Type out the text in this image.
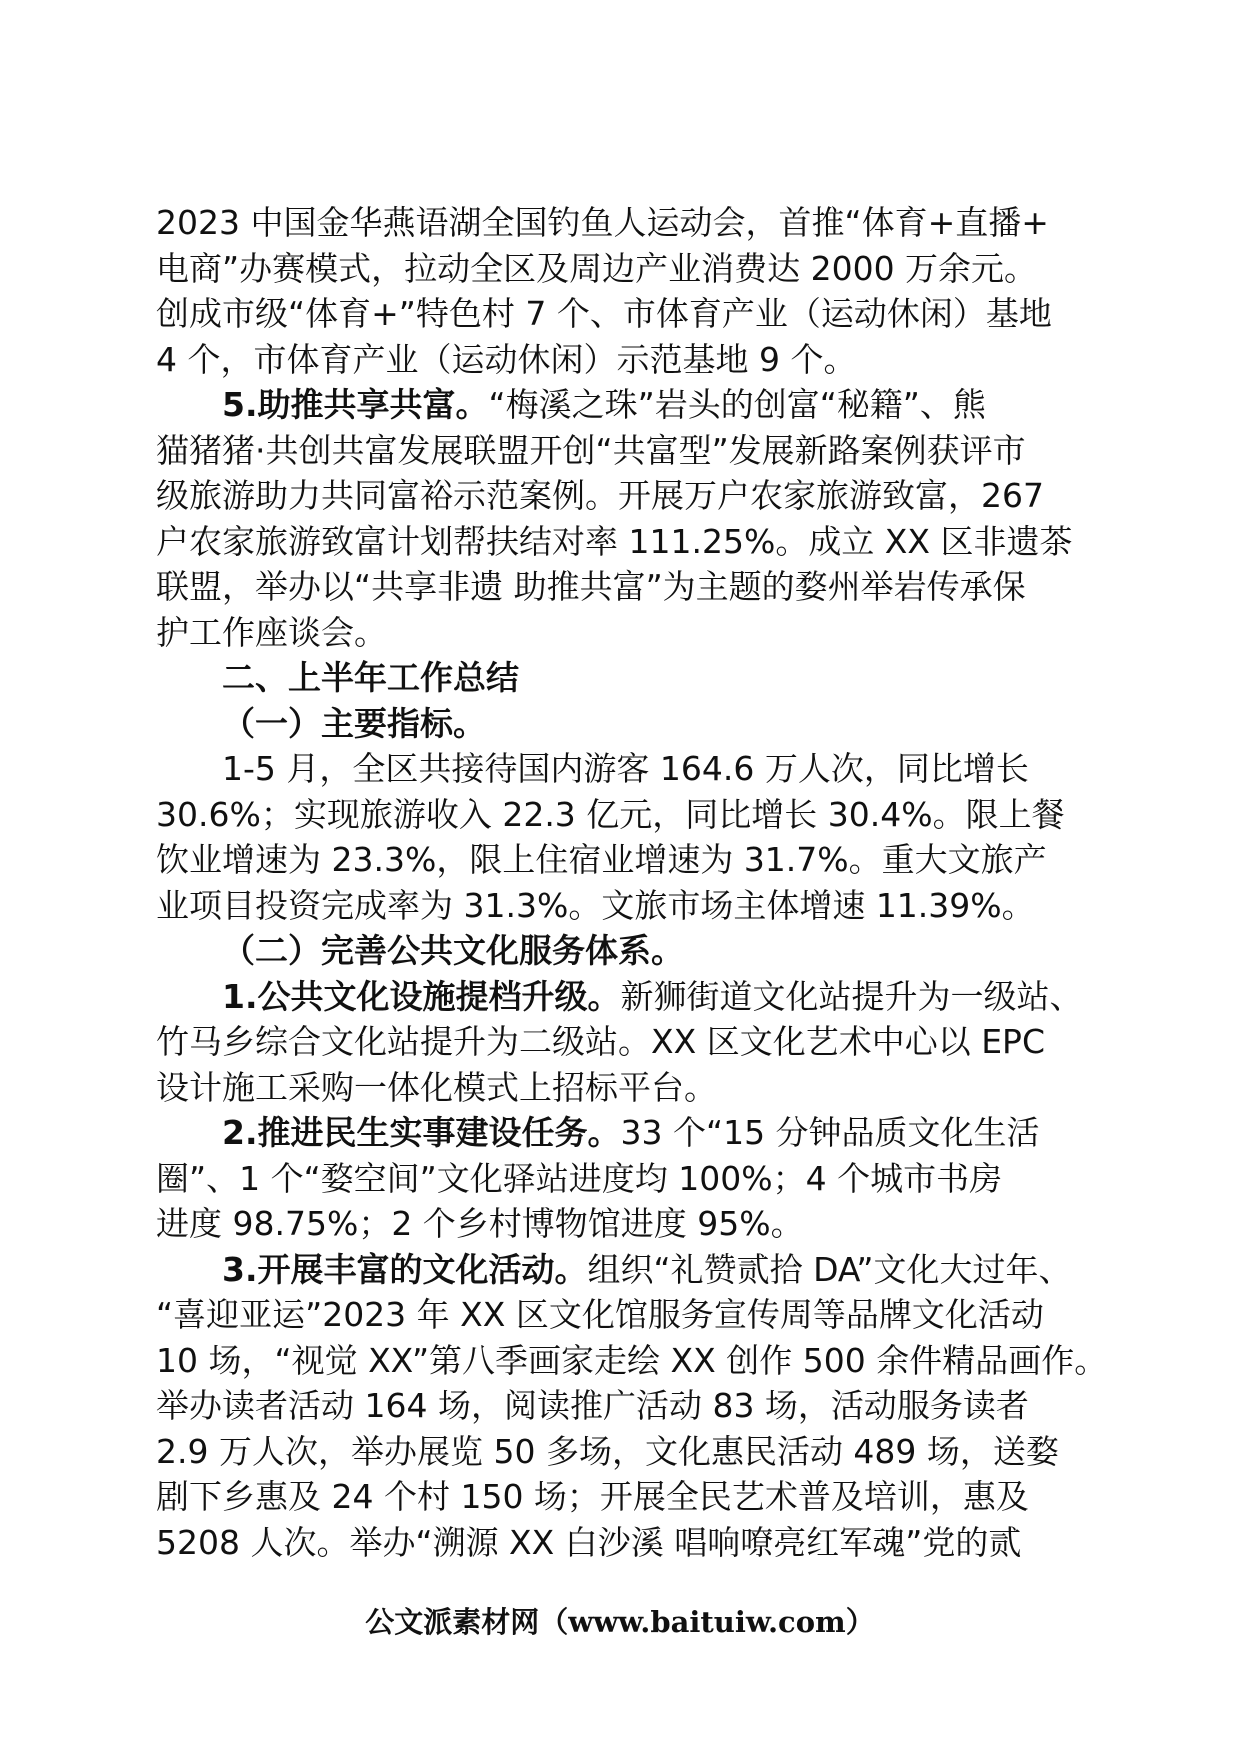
2023 中国金华燕语湖全国钓鱼人运动会，首推“体育+直播+
电商”办赛模式，拉动全区及周边产业消费达 2000 万余元。
创成市级“体育+”特色村 7 个、市体育产业（运动休闲）基地
4 个，市体育产业（运动休闲）示范基地 9 个。
5.助推共享共富。“梅溪之珠”岩头的创富“秘籍”、熊
猫猪猪·共创共富发展联盟开创“共富型”发展新路案例获评市
级旅游助力共同富裕示范案例。开展万户农家旅游致富，267
户农家旅游致富计划帮扶结对率 111.25%。成立 XX 区非遗茶
联盟，举办以“共享非遗 助推共富”为主题的婺州举岩传承保
护工作座谈会。
二、上半年工作总结
（一）主要指标。
1-5 月，全区共接待国内游客 164.6 万人次，同比增长
30.6%；实现旅游收入 22.3 亿元，同比增长 30.4%。限上餐
饮业增速为 23.3%，限上住宿业增速为 31.7%。重大文旅产
业项目投资完成率为 31.3%。文旅市场主体增速 11.39%。
（二）完善公共文化服务体系。
1.公共文化设施提档升级。新狮街道文化站提升为一级站、
竹马乡综合文化站提升为二级站。XX 区文化艺术中心以 EPC
设计施工采购一体化模式上招标平台。
2.推进民生实事建设任务。33 个“15 分钟品质文化生活
圈”、1 个“婺空间”文化驿站进度均 100%；4 个城市书房
进度 98.75%；2 个乡村博物馆进度 95%。
3.开展丰富的文化活动。组织“礼赞贰拾 DA”文化大过年、
“喜迎亚运”2023 年 XX 区文化馆服务宣传周等品牌文化活动
10 场，“视觉 XX”第八季画家走绘 XX 创作 500 余件精品画作。
举办读者活动 164 场，阅读推广活动 83 场，活动服务读者
2.9 万人次，举办展览 50 多场，文化惠民活动 489 场，送婺
剧下乡惠及 24 个村 150 场；开展全民艺术普及培训，惠及
5208 人次。举办“溯源 XX 白沙溪 唱响嘹亮红军魂”党的贰
公文派素材网（www.baituiw.com）
